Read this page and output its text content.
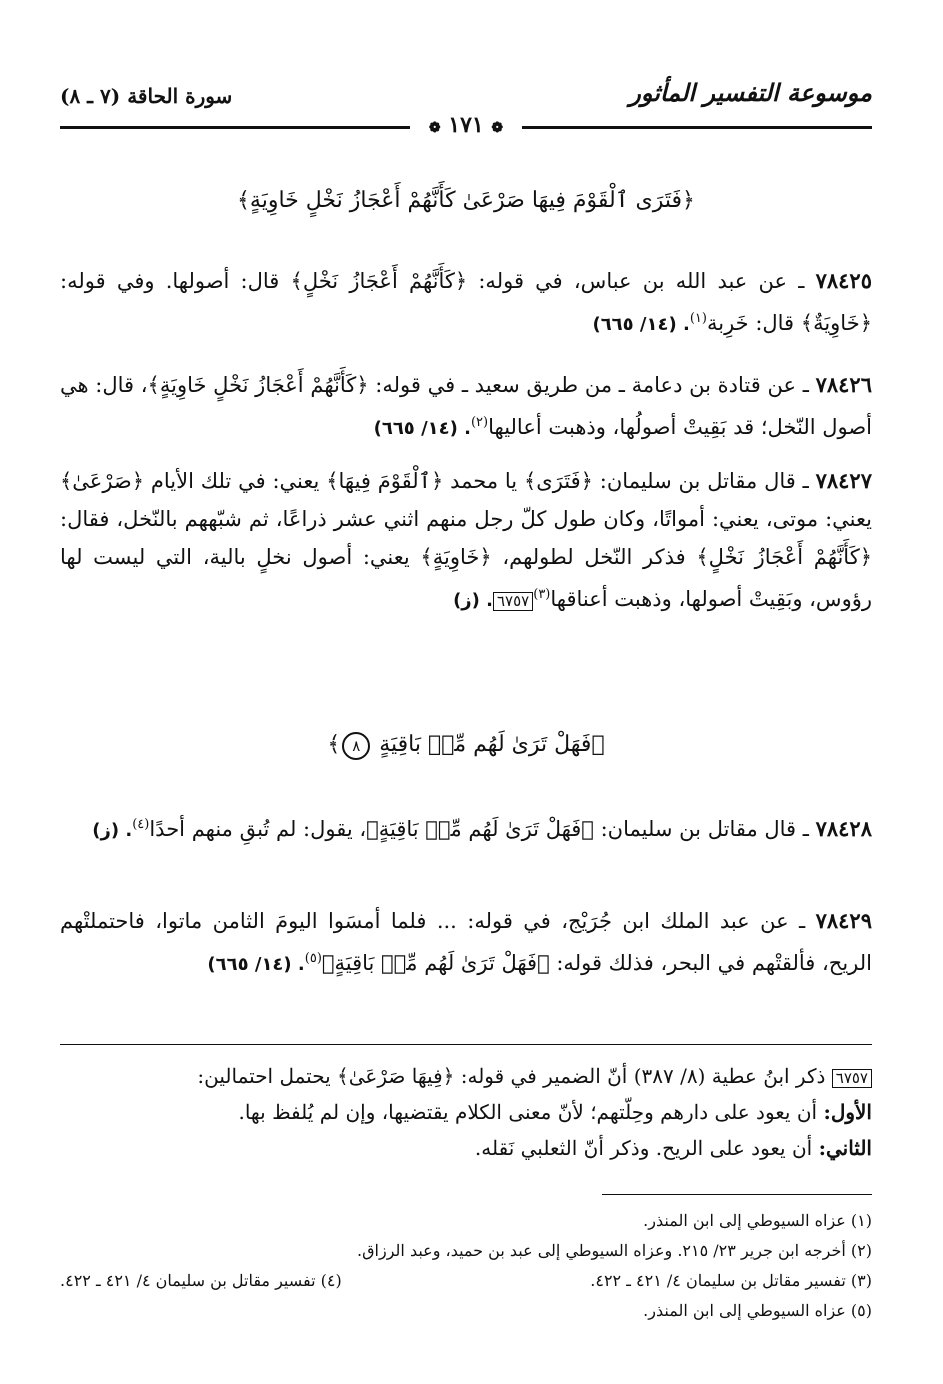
موسوعة التفسير المأثور
سورة الحاقة (٧ ـ ٨)
❁ ١٧١ ❁
﴿فَتَرَى ٱلْقَوْمَ فِيهَا صَرْعَىٰ كَأَنَّهُمْ أَعْجَازُ نَخْلٍ خَاوِيَةٍ﴾
٧٨٤٢٥ ـ عن عبد الله بن عباس، في قوله: ﴿كَأَنَّهُمْ أَعْجَازُ نَخْلٍ﴾ قال: أصولها. وفي قوله: ﴿خَاوِيَةٌ﴾ قال: خَرِبة$^{(١)}$. (١٤/ ٦٦٥)
٧٨٤٢٦ ـ عن قتادة بن دعامة ـ من طريق سعيد ـ في قوله: ﴿كَأَنَّهُمْ أَعْجَازُ نَخْلٍ خَاوِيَةٍ﴾، قال: هي أصول النّخل؛ قد بَقِيتْ أصولُها، وذهبت أعاليها$^{(٢)}$. (١٤/ ٦٦٥)
٧٨٤٢٧ ـ قال مقاتل بن سليمان: ﴿فَتَرَى﴾ يا محمد ﴿ٱلْقَوْمَ فِيهَا﴾ يعني: في تلك الأيام ﴿صَرْعَىٰ﴾ يعني: موتى، يعني: أمواتًا، وكان طول كلّ رجل منهم اثني عشر ذراعًا، ثم شبّههم بالنّخل، فقال: ﴿كَأَنَّهُمْ أَعْجَازُ نَخْلٍ﴾ فذكر النّخل لطولهم، ﴿خَاوِيَةٍ﴾ يعني: أصول نخلٍ بالية، التي ليست لها رؤوس، وبَقِيتْ أصولها، وذهبت أعناقها$^{(٣)}$٦٧٥٧. (ز)
﴿فَهَلْ تَرَىٰ لَهُم مِّنۢ بَاقِيَةٍ ٨﴾
٧٨٤٢٨ ـ قال مقاتل بن سليمان: ﴿فَهَلْ تَرَىٰ لَهُم مِّنۢ بَاقِيَةٍ﴾، يقول: لم تُبقِ منهم أحدًا$^{(٤)}$. (ز)
٧٨٤٢٩ ـ عن عبد الملك ابن جُرَيْج، في قوله: ... فلما أمسَوا اليومَ الثامن ماتوا، فاحتملتْهم الريح، فألقتْهم في البحر، فذلك قوله: ﴿فَهَلْ تَرَىٰ لَهُم مِّنۢ بَاقِيَةٍ﴾$^{(٥)}$. (١٤/ ٦٦٥)
٦٧٥٧ ذكر ابنُ عطية (٨/ ٣٨٧) أنّ الضمير في قوله: ﴿فِيهَا صَرْعَىٰ﴾ يحتمل احتمالين:
الأول: أن يعود على دارهم وحِلّتهم؛ لأنّ معنى الكلام يقتضيها، وإن لم يُلفظ بها.
الثاني: أن يعود على الريح. وذكر أنّ الثعلبي نَقله.
(١) عزاه السيوطي إلى ابن المنذر.
(٢) أخرجه ابن جرير ٢٣/ ٢١٥. وعزاه السيوطي إلى عبد بن حميد، وعبد الرزاق.
(٣) تفسير مقاتل بن سليمان ٤/ ٤٢١ ـ ٤٢٢.
(٤) تفسير مقاتل بن سليمان ٤/ ٤٢١ ـ ٤٢٢.
(٥) عزاه السيوطي إلى ابن المنذر.
